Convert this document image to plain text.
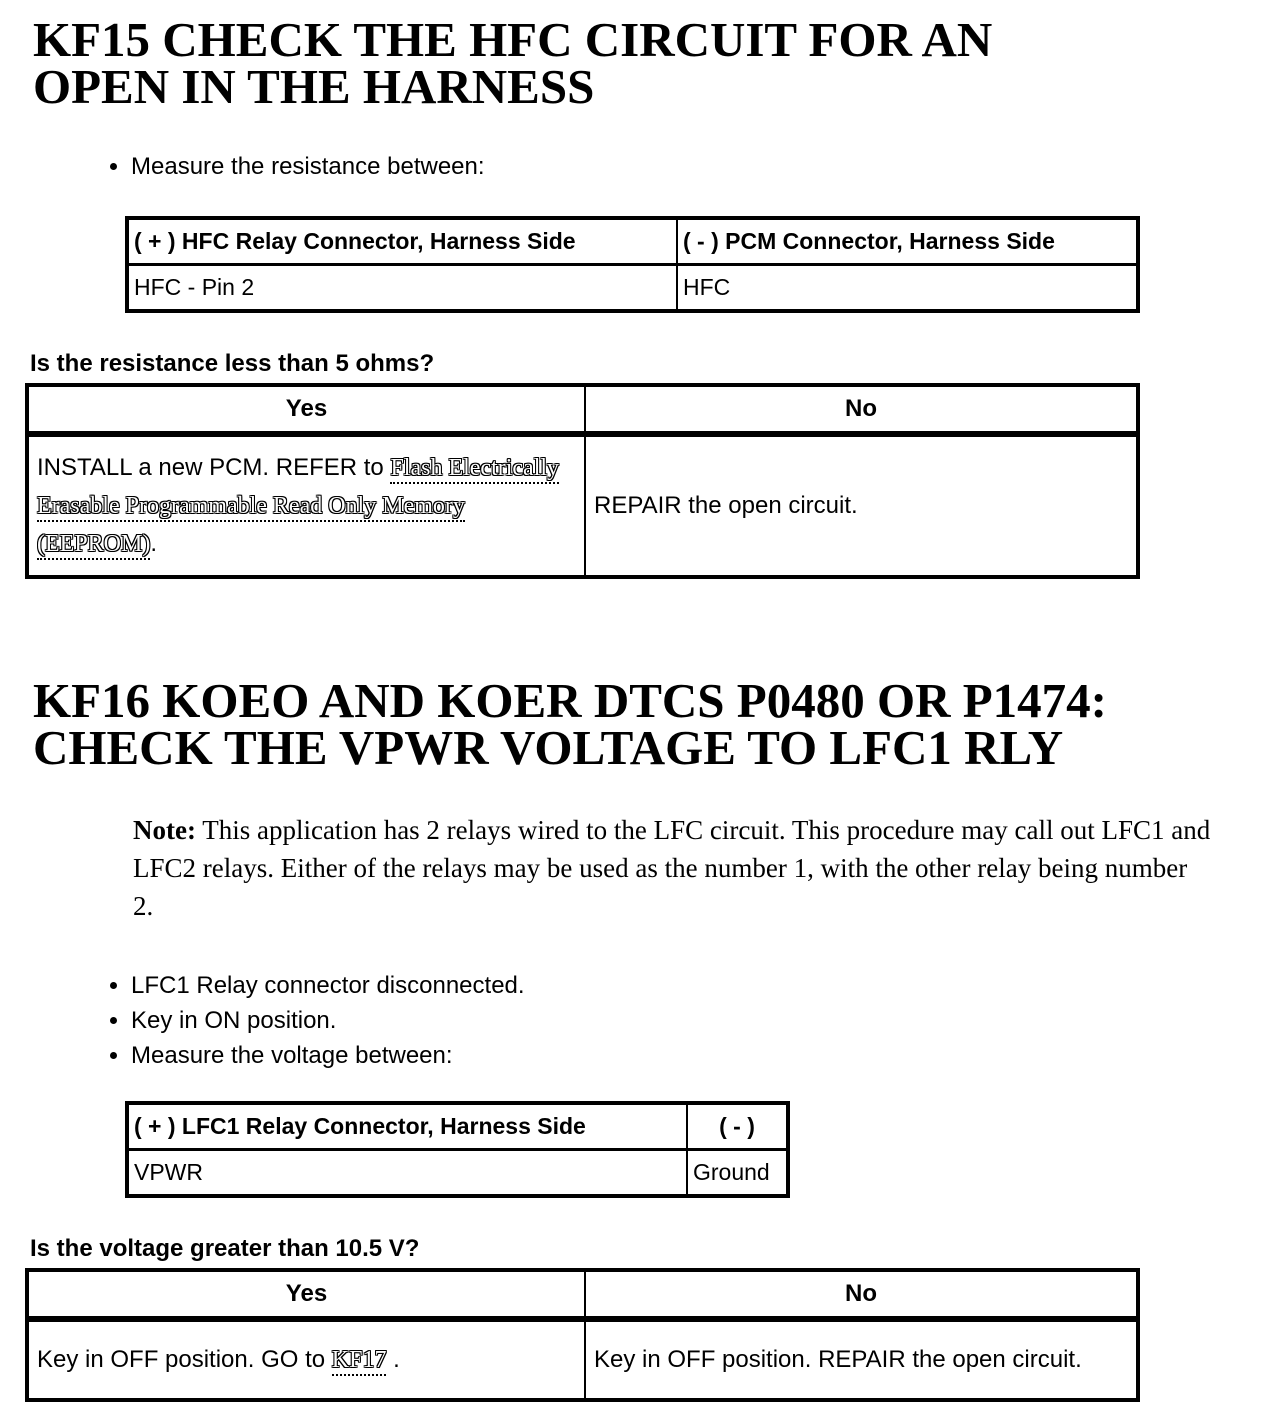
KF15 CHECK THE HFC CIRCUIT FOR AN OPEN IN THE HARNESS
• Measure the resistance between:
( + ) HFC Relay Connector, Harness Side	( - ) PCM Connector, Harness Side
HFC - Pin 2	HFC
Is the resistance less than 5 ohms?
Yes	No
INSTALL a new PCM. REFER to Flash Electrically Erasable Programmable Read Only Memory (EEPROM).	REPAIR the open circuit.
KF16 KOEO AND KOER DTCS P0480 OR P1474: CHECK THE VPWR VOLTAGE TO LFC1 RLY

Note: This application has 2 relays wired to the LFC circuit. This procedure may call out LFC1 and LFC2 relays. Either of the relays may be used as the number 1, with the other relay being number 2.

• LFC1 Relay connector disconnected.
• Key in ON position.
• Measure the voltage between:
( + ) LFC1 Relay Connector, Harness Side	( - )
VPWR	Ground
Is the voltage greater than 10.5 V?
Yes	No
Key in OFF position. GO to KF17 .	Key in OFF position. REPAIR the open circuit.
